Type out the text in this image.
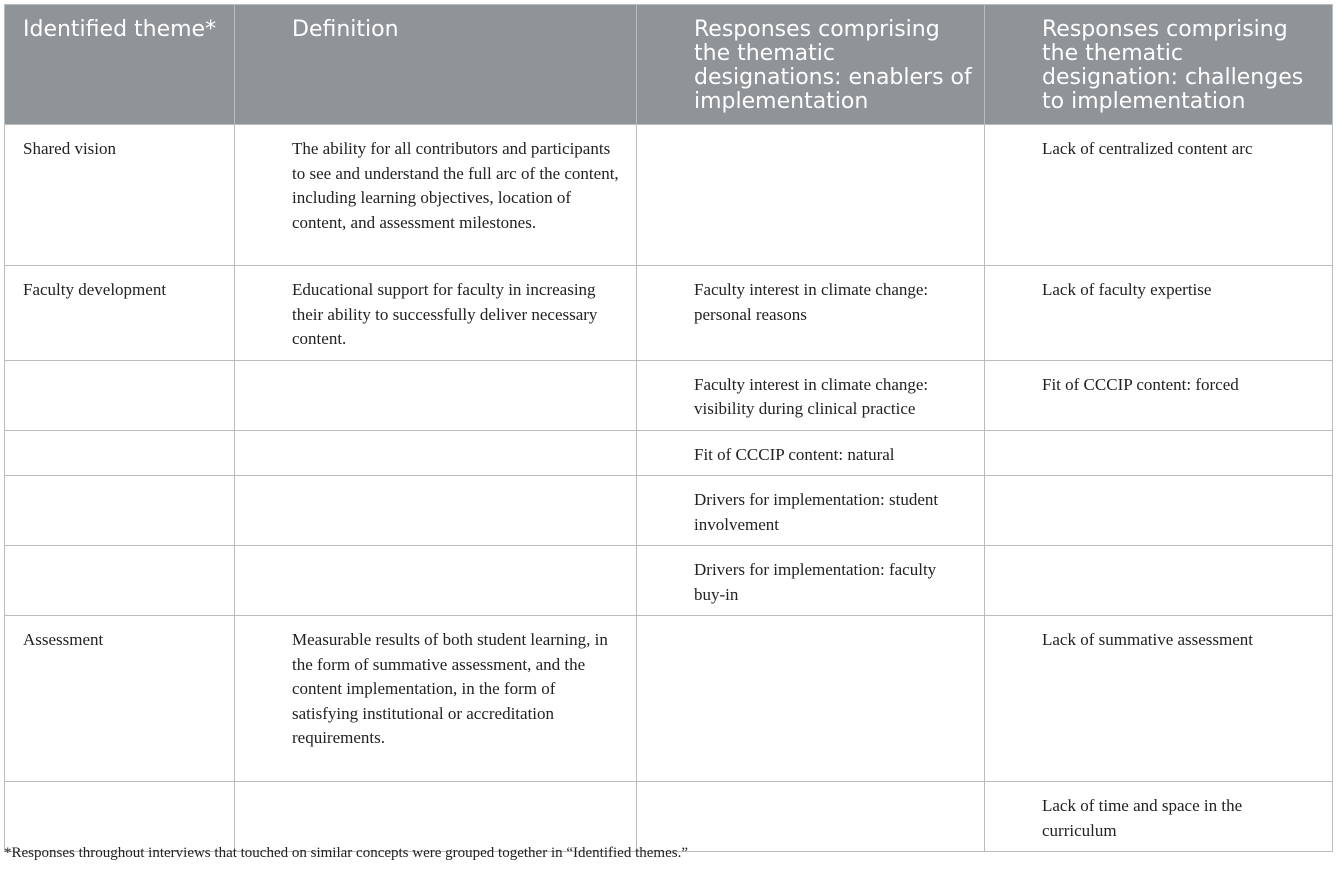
Identified theme*	Definition	Responses comprising the thematic designations: enablers of implementation	Responses comprising the thematic designation: challenges to implementation
Shared vision	The ability for all contributors and participants to see and understand the full arc of the content, including learning objectives, location of content, and assessment milestones.		Lack of centralized content arc
Faculty development	Educational support for faculty in increasing their ability to successfully deliver necessary content.	Faculty interest in climate change: personal reasons	Lack of faculty expertise
		Faculty interest in climate change: visibility during clinical practice	Fit of CCCIP content: forced
		Fit of CCCIP content: natural	
		Drivers for implementation: student involvement	
		Drivers for implementation: faculty buy-in	
Assessment	Measurable results of both student learning, in the form of summative assessment, and the content implementation, in the form of satisfying institutional or accreditation requirements.		Lack of summative assessment
			Lack of time and space in the curriculum
*Responses throughout interviews that touched on similar concepts were grouped together in “Identified themes.”
